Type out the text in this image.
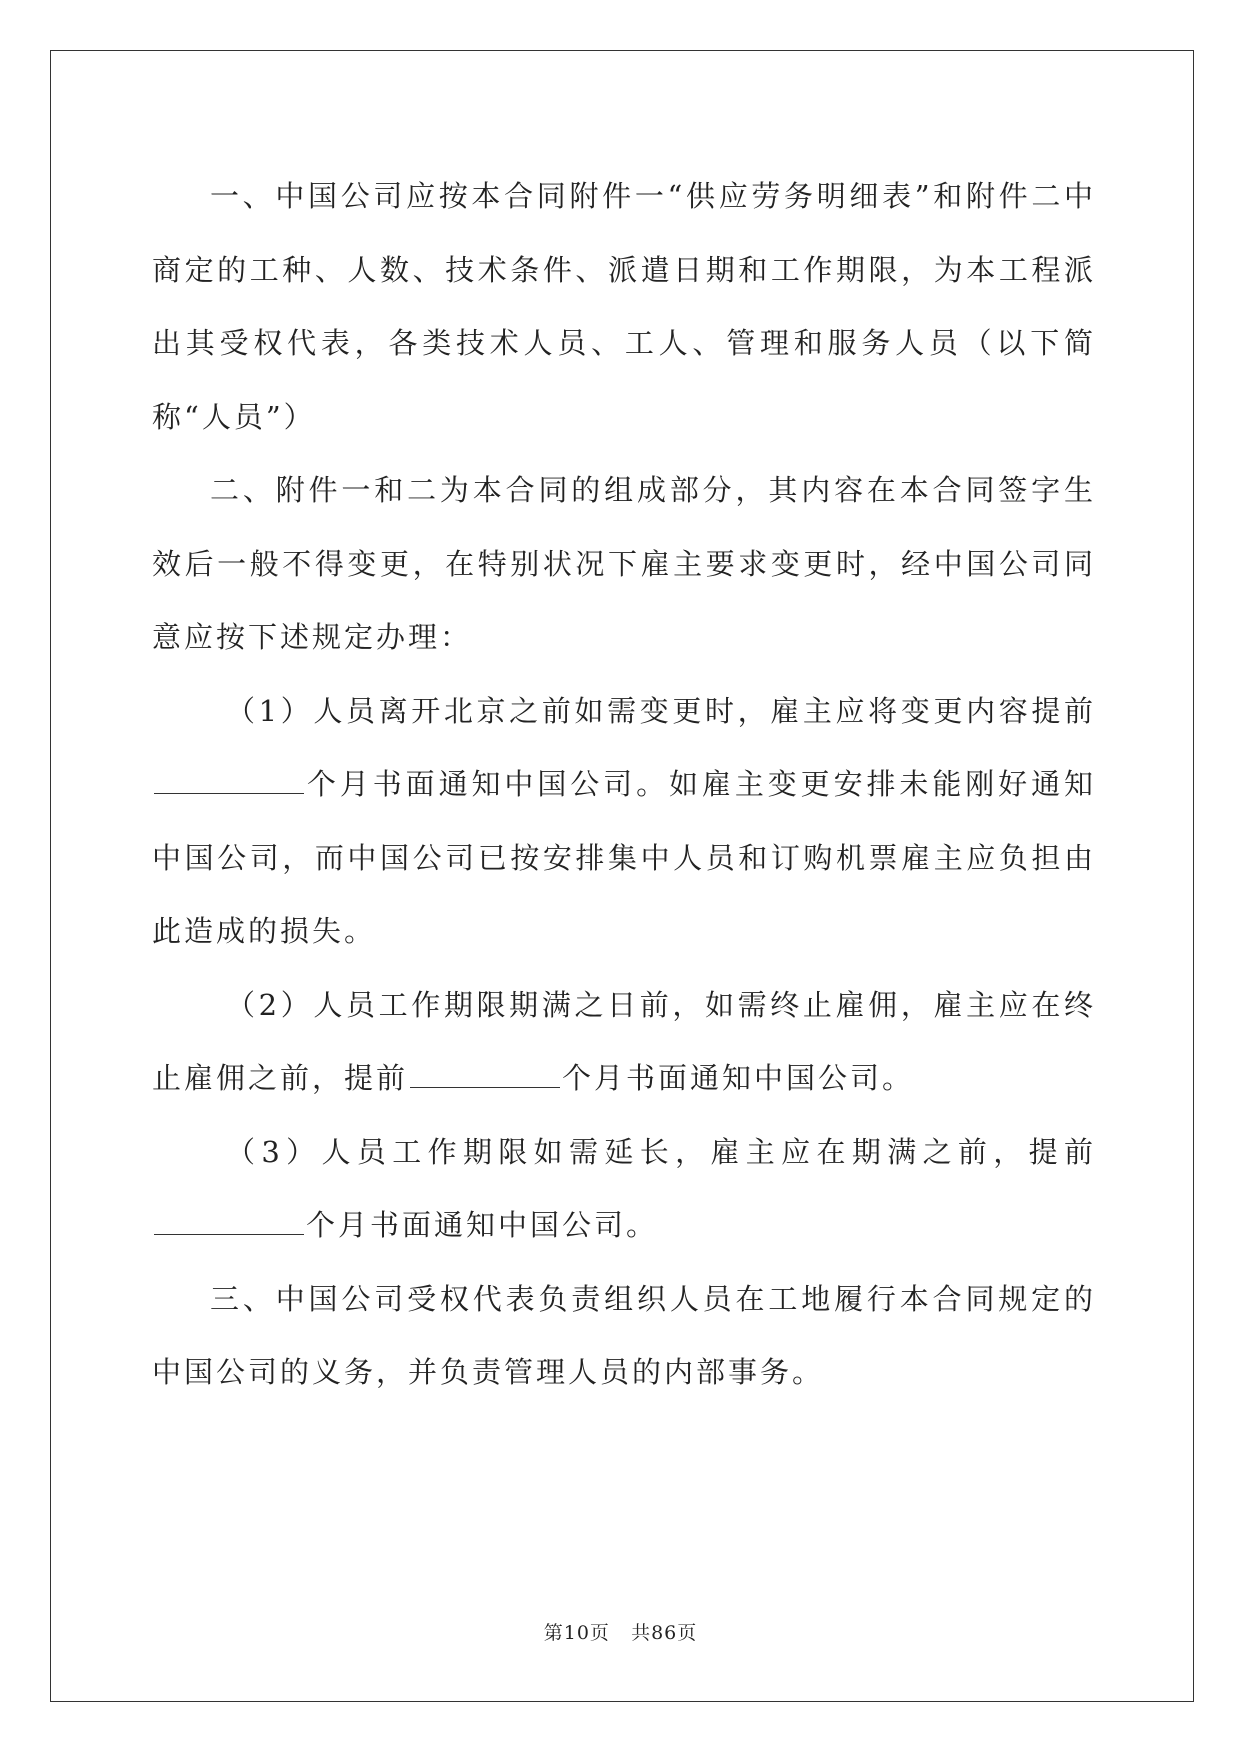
一、中国公司应按本合同附件一“供应劳务明细表”和附件二中商定的工种、人数、技术条件、派遣日期和工作期限，为本工程派出其受权代表，各类技术人员、工人、管理和服务人员（以下简称“人员”）

二、附件一和二为本合同的组成部分，其内容在本合同签字生效后一般不得变更，在特别状况下雇主要求变更时，经中国公司同意应按下述规定办理：

（1）人员离开北京之前如需变更时，雇主应将变更内容提前个月书面通知中国公司。如雇主变更安排未能刚好通知中国公司，而中国公司已按安排集中人员和订购机票雇主应负担由此造成的损失。

（2）人员工作期限期满之日前，如需终止雇佣，雇主应在终止雇佣之前，提前	个月书面通知中国公司。

（3）人员工作期限如需延长，雇主应在期满之前，提前个月书面通知中国公司。

三、中国公司受权代表负责组织人员在工地履行本合同规定的中国公司的义务，并负责管理人员的内部事务。

第10页 共86页
